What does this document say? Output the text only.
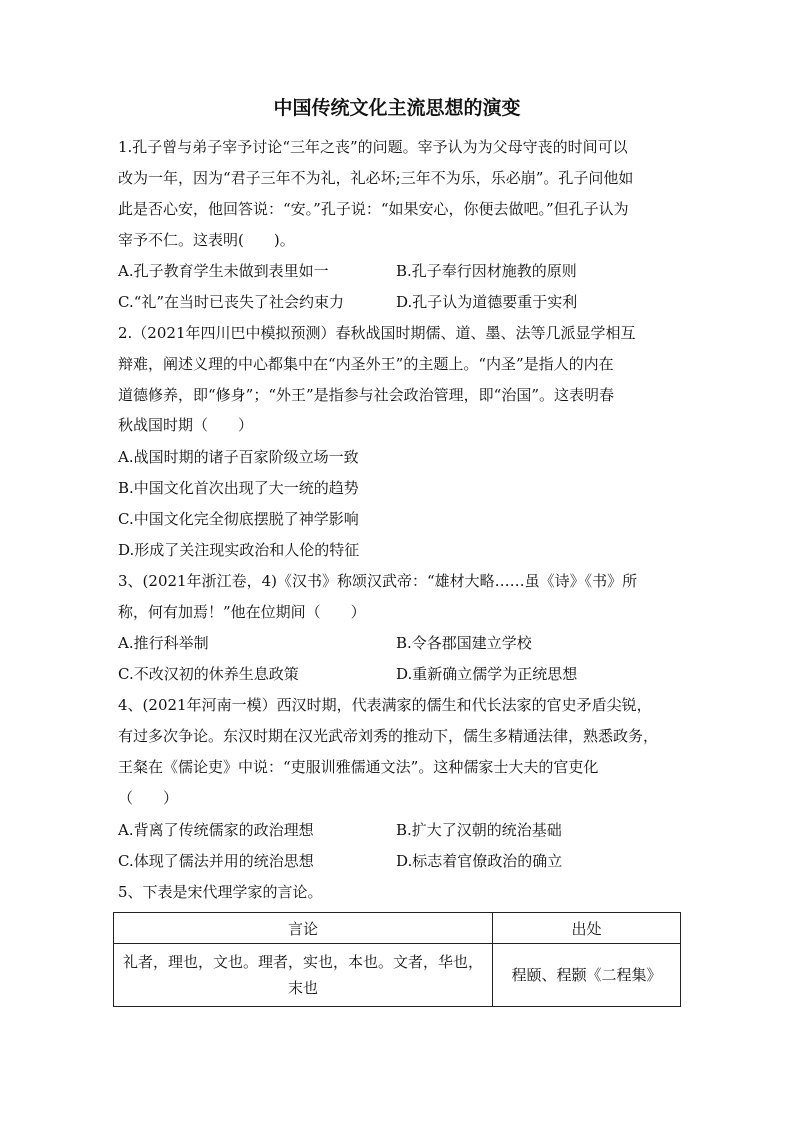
中国传统文化主流思想的演变
1.孔子曾与弟子宰予讨论“三年之丧”的问题。宰予认为为父母守丧的时间可以
改为一年，因为“君子三年不为礼，礼必坏;三年不为乐，乐必崩”。孔子问他如
此是否心安，他回答说：“安。”孔子说：“如果安心，你便去做吧。”但孔子认为
宰予不仁。这表明(　　)。
A.孔子教育学生未做到表里如一	B.孔子奉行因材施教的原则
C.“礼”在当时已丧失了社会约束力	D.孔子认为道德要重于实利
2.（2021年四川巴中模拟预测）春秋战国时期儒、道、墨、法等几派显学相互
辩难，阐述义理的中心都集中在“内圣外王”的主题上。“内圣”是指人的内在
道德修养，即“修身”；“外王”是指参与社会政治管理，即“治国”。这表明春
秋战国时期（　　）
A.战国时期的诸子百家阶级立场一致
B.中国文化首次出现了大一统的趋势
C.中国文化完全彻底摆脱了神学影响
D.形成了关注现实政治和人伦的特征
3、(2021年浙江卷，4)《汉书》称颂汉武帝：“雄材大略……虽《诗》《书》所
称，何有加焉！”他在位期间（　　）
A.推行科举制	B.令各郡国建立学校
C.不改汉初的休养生息政策	D.重新确立儒学为正统思想
4、(2021年河南一模）西汉时期，代表满家的儒生和代长法家的官史矛盾尖锐，
有过多次争论。东汉时期在汉光武帝刘秀的推动下，儒生多精通法律，熟悉政务，
王粲在《儒论吏》中说：“吏服训雅儒通文法”。这种儒家士大夫的官吏化
（　　）
A.背离了传统儒家的政治理想	B.扩大了汉朝的统治基础
C.体现了儒法并用的统治思想	D.标志着官僚政治的确立
5、下表是宋代理学家的言论。
言论	出处

礼者，理也，文也。理者，实也，本也。文者，华也，
末也	程颐、程颢《二程集》
